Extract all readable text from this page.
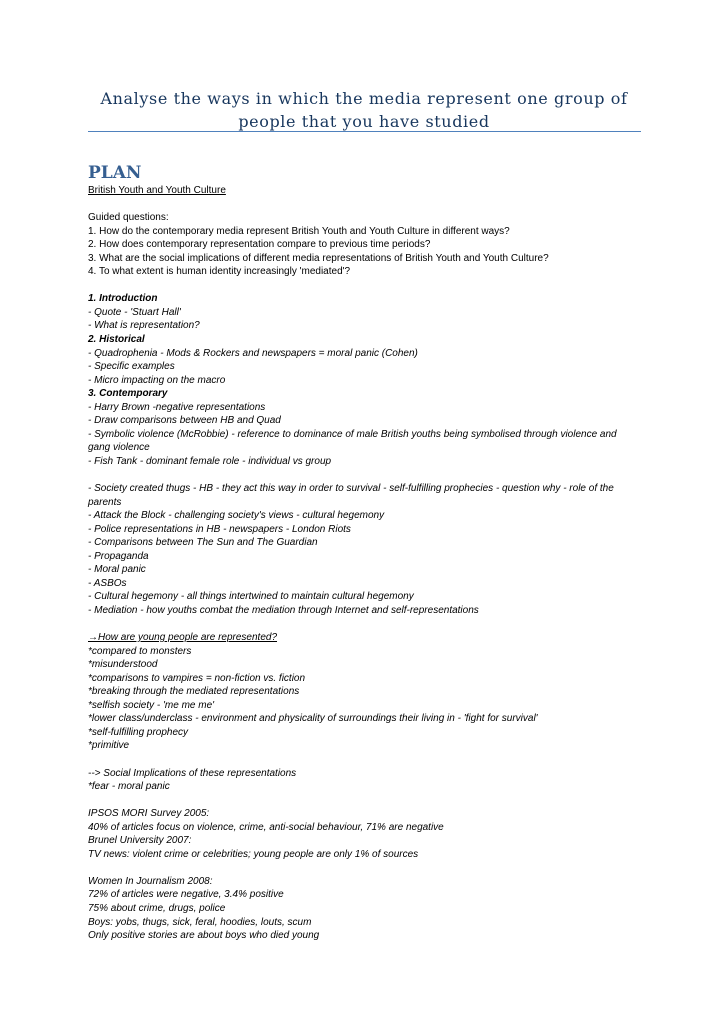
Analyse the ways in which the media represent one group of people that you have studied
PLAN
British Youth and Youth Culture
Guided questions:
1. How do the contemporary media represent British Youth and Youth Culture in different ways?
2. How does contemporary representation compare to previous time periods?
3. What are the social implications of different media representations of British Youth and Youth Culture?
4. To what extent is human identity increasingly 'mediated'?
1. Introduction
- Quote - 'Stuart Hall'
- What is representation?
2. Historical
- Quadrophenia - Mods & Rockers and newspapers = moral panic (Cohen)
- Specific examples
- Micro impacting on the macro
3. Contemporary
- Harry Brown -negative representations
- Draw comparisons between HB and Quad
- Symbolic violence (McRobbie) - reference to dominance of male British youths being symbolised through violence and
gang violence
- Fish Tank - dominant female role - individual vs group
- Society created thugs - HB - they act this way in order to survival - self-fulfilling prophecies - question why - role of the
parents
- Attack the Block - challenging society's views - cultural hegemony
- Police representations in HB - newspapers - London Riots
- Comparisons between The Sun and The Guardian
- Propaganda
- Moral panic
- ASBOs
- Cultural hegemony - all things intertwined to maintain cultural hegemony
- Mediation - how youths combat the mediation through Internet and self-representations
→How are young people are represented?
*compared to monsters
*misunderstood
*comparisons to vampires = non-fiction vs. fiction
*breaking through the mediated representations
*selfish society - 'me me me'
*lower class/underclass - environment and physicality of surroundings their living in - 'fight for survival'
*self-fulfilling prophecy
*primitive
--> Social Implications of these representations
*fear - moral panic
IPSOS MORI Survey 2005:
40% of articles focus on violence, crime, anti-social behaviour, 71% are negative
Brunel University 2007:
TV news: violent crime or celebrities; young people are only 1% of sources
Women In Journalism 2008:
72% of articles were negative, 3.4% positive
75% about crime, drugs, police
Boys: yobs, thugs, sick, feral, hoodies, louts, scum
Only positive stories are about boys who died young
